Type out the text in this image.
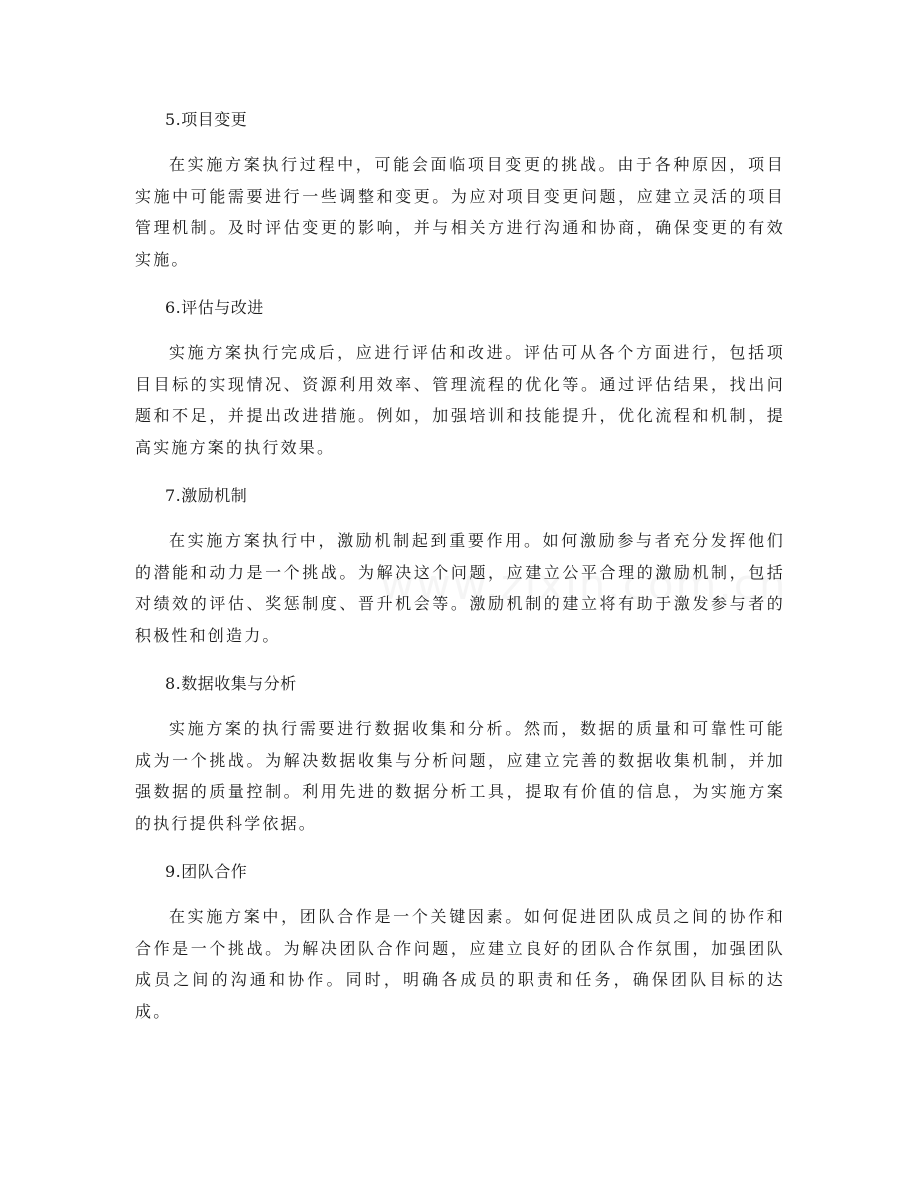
5.项目变更

在实施方案执行过程中，可能会面临项目变更的挑战。由于各种原因，项目实施中可能需要进行一些调整和变更。为应对项目变更问题，应建立灵活的项目管理机制。及时评估变更的影响，并与相关方进行沟通和协商，确保变更的有效实施。

6.评估与改进

实施方案执行完成后，应进行评估和改进。评估可从各个方面进行，包括项目目标的实现情况、资源利用效率、管理流程的优化等。通过评估结果，找出问题和不足，并提出改进措施。例如，加强培训和技能提升，优化流程和机制，提高实施方案的执行效果。

7.激励机制

在实施方案执行中，激励机制起到重要作用。如何激励参与者充分发挥他们的潜能和动力是一个挑战。为解决这个问题，应建立公平合理的激励机制，包括对绩效的评估、奖惩制度、晋升机会等。激励机制的建立将有助于激发参与者的积极性和创造力。

8.数据收集与分析

实施方案的执行需要进行数据收集和分析。然而，数据的质量和可靠性可能成为一个挑战。为解决数据收集与分析问题，应建立完善的数据收集机制，并加强数据的质量控制。利用先进的数据分析工具，提取有价值的信息，为实施方案的执行提供科学依据。

9.团队合作

在实施方案中，团队合作是一个关键因素。如何促进团队成员之间的协作和合作是一个挑战。为解决团队合作问题，应建立良好的团队合作氛围，加强团队成员之间的沟通和协作。同时，明确各成员的职责和任务，确保团队目标的达成。
